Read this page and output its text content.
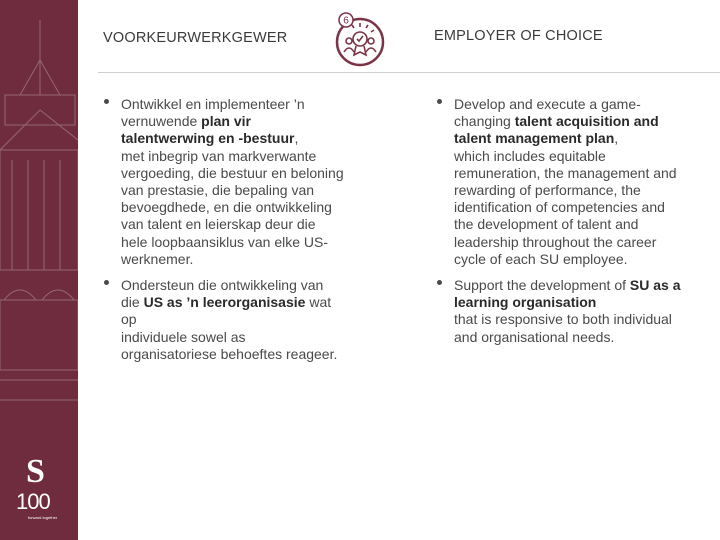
S
100
forward together
VOORKEURWERKGEWER
6
EMPLOYER OF CHOICE
Ontwikkel en implementeer ’n vernuwende plan vir talentwerwing en -bestuur,
met inbegrip van markverwante vergoeding, die bestuur en beloning van prestasie, die bepaling van bevoegdhede, en die ontwikkeling van talent en leierskap deur die hele loopbaansiklus van elke US-werknemer.
Ondersteun die ontwikkeling van die US as ’n leerorganisasie wat op
individuele sowel as organisatoriese behoeftes reageer.
Develop and execute a game-changing talent acquisition and talent management plan,
which includes equitable remuneration, the management and rewarding of performance, the identification of competencies and the development of talent and leadership throughout the career cycle of each SU employee.
Support the development of SU as a learning organisation
that is responsive to both individual and organisational needs.
